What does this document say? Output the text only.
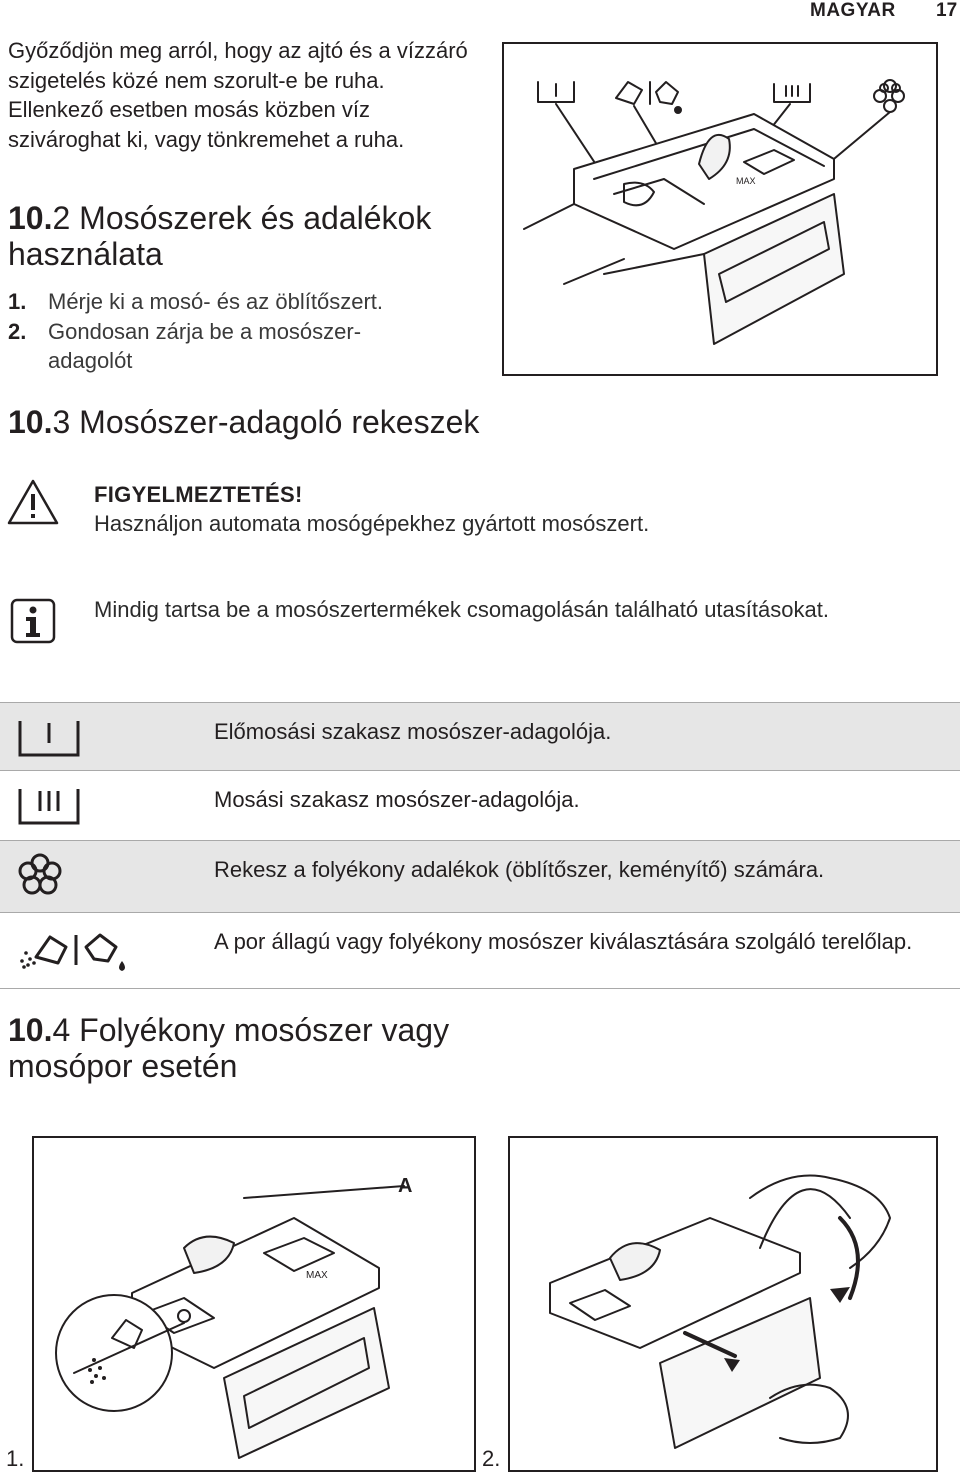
MAGYAR 17
Győződjön meg arról, hogy az ajtó és a vízzáró szigetelés közé nem szorult-e be ruha. Ellenkező esetben mosás közben víz szivároghat ki, vagy tönkremehet a ruha.
10.2 Mosószerek és adalékok használata
1. Mérje ki a mosó- és az öblítőszert.
2. Gondosan zárja be a mosószer-adagolót
MAX
10.3 Mosószer-adagoló rekeszek
FIGYELMEZTETÉS!
Használjon automata mosógépekhez gyártott mosószert.
Mindig tartsa be a mosószertermékek csomagolásán található utasításokat.
	Előmosási szakasz mosószer-adagolója.
	Mosási szakasz mosószer-adagolója.
	Rekesz a folyékony adalékok (öblítőszer, keményítő) számára.
	A por állagú vagy folyékony mosószer kiválasztására szolgáló terelőlap.
10.4 Folyékony mosószer vagy mosópor esetén
MAX
A
1.	2.
